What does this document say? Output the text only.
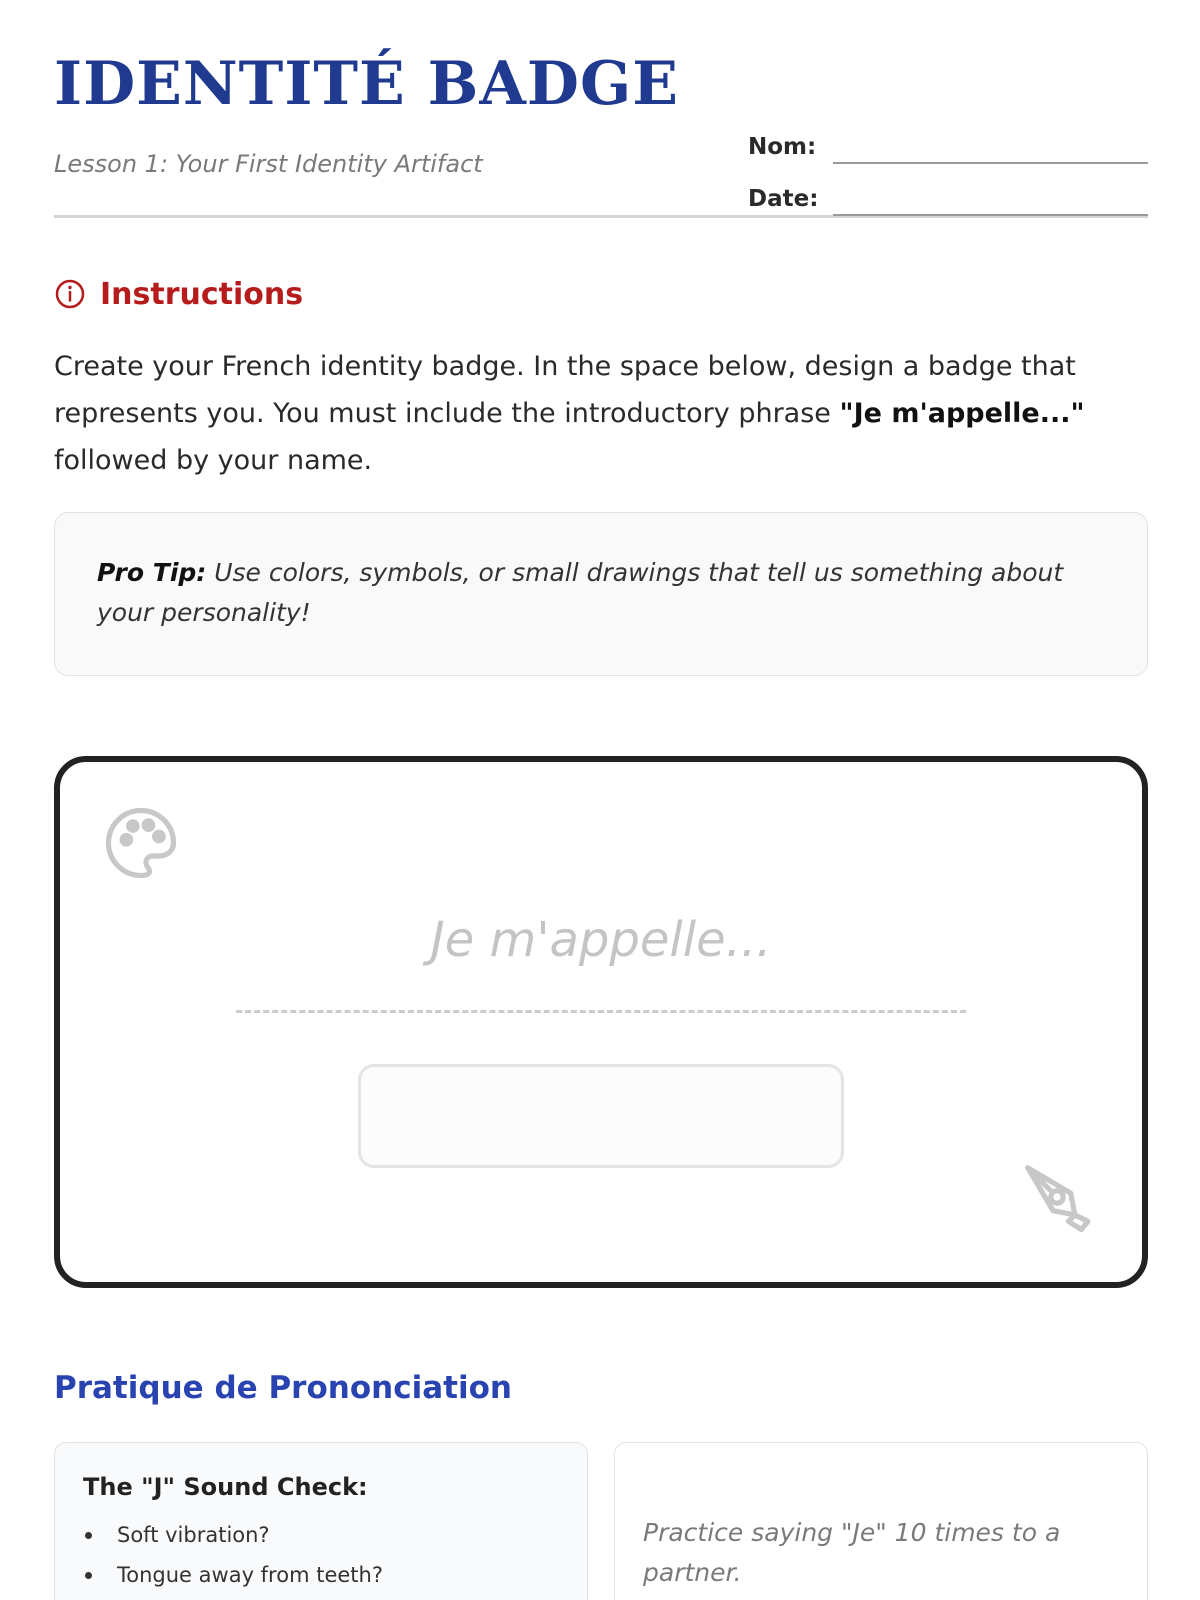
IDENTITÉ BADGE
Lesson 1: Your First Identity Artifact
Nom:
Date:
Instructions
Create your French identity badge. In the space below, design a badge that represents you. You must include the introductory phrase "Je m'appelle..." followed by your name.
Pro Tip: Use colors, symbols, or small drawings that tell us something about your personality!
Je m'appelle...
Pratique de Prononciation
The "J" Sound Check:
Soft vibration?
Tongue away from teeth?
Practice saying "Je" 10 times to a partner.
